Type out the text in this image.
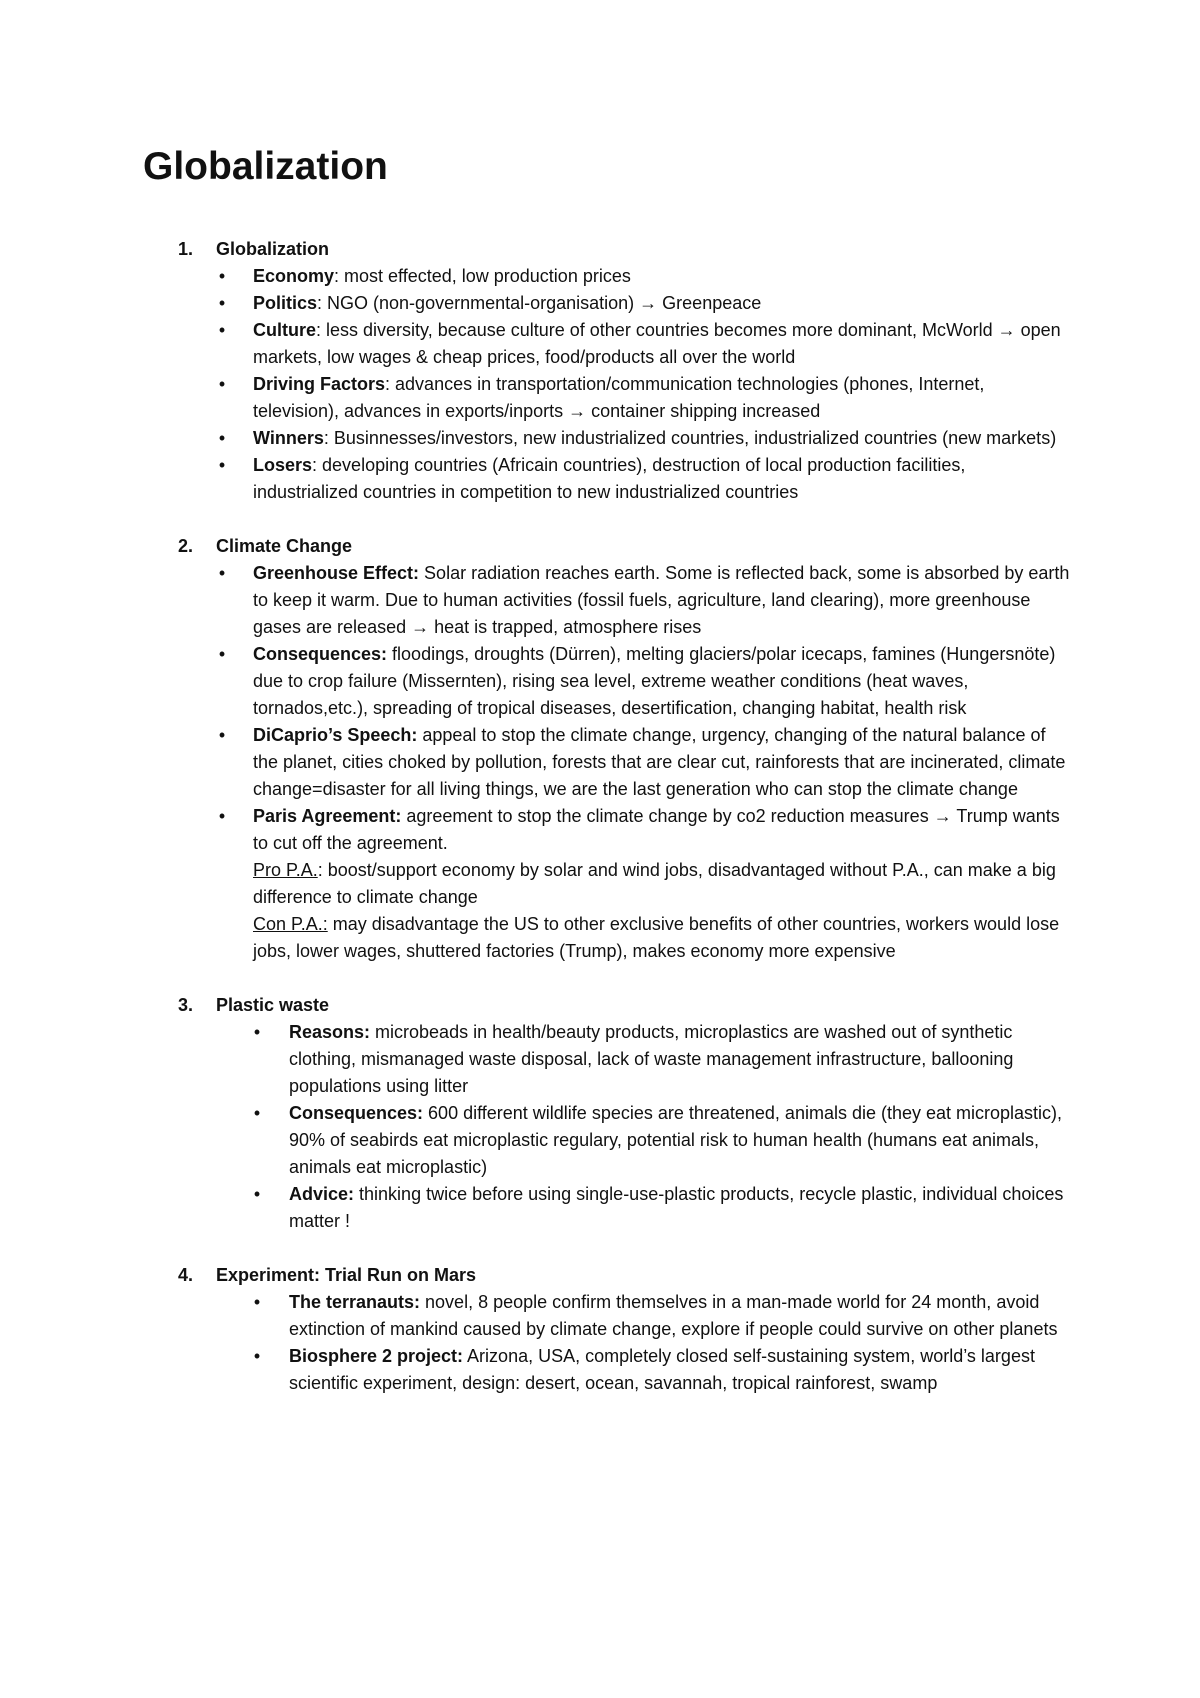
Globalization
1. Globalization
• Economy: most effected, low production prices
• Politics: NGO (non-governmental-organisation) → Greenpeace
• Culture: less diversity, because culture of other countries becomes more dominant, McWorld → open markets, low wages & cheap prices, food/products all over the world
• Driving Factors: advances in transportation/communication technologies (phones, Internet, television), advances in exports/inports → container shipping increased
• Winners: Businnesses/investors, new industrialized countries, industrialized countries (new markets)
• Losers: developing countries (Africain countries), destruction of local production facilities, industrialized countries in competition to new industrialized countries
2. Climate Change
• Greenhouse Effect: Solar radiation reaches earth. Some is reflected back, some is absorbed by earth to keep it warm. Due to human activities (fossil fuels, agriculture, land clearing), more greenhouse gases are released → heat is trapped, atmosphere rises
• Consequences: floodings, droughts (Dürren), melting glaciers/polar icecaps, famines (Hungersnöte) due to crop failure (Missernten), rising sea level, extreme weather conditions (heat waves, tornados,etc.), spreading of tropical diseases, desertification, changing habitat, health risk
• DiCaprio’s Speech: appeal to stop the climate change, urgency, changing of the natural balance of the planet, cities choked by pollution, forests that are clear cut, rainforests that are incinerated, climate change=disaster for all living things, we are the last generation who can stop the climate change
• Paris Agreement: agreement to stop the climate change by co2 reduction measures → Trump wants to cut off the agreement.
Pro P.A.: boost/support economy by solar and wind jobs, disadvantaged without P.A., can make a big difference to climate change
Con P.A.: may disadvantage the US to other exclusive benefits of other countries, workers would lose jobs, lower wages, shuttered factories (Trump), makes economy more expensive
3. Plastic waste
• Reasons: microbeads in health/beauty products, microplastics are washed out of synthetic clothing, mismanaged waste disposal, lack of waste management infrastructure, ballooning populations using litter
• Consequences: 600 different wildlife species are threatened, animals die (they eat microplastic), 90% of seabirds eat microplastic regulary, potential risk to human health (humans eat animals, animals eat microplastic)
• Advice: thinking twice before using single-use-plastic products, recycle plastic, individual choices matter !
4. Experiment: Trial Run on Mars
• The terranauts: novel, 8 people confirm themselves in a man-made world for 24 month, avoid extinction of mankind caused by climate change, explore if people could survive on other planets
• Biosphere 2 project: Arizona, USA, completely closed self-sustaining system, world’s largest scientific experiment, design: desert, ocean, savannah, tropical rainforest, swamp
